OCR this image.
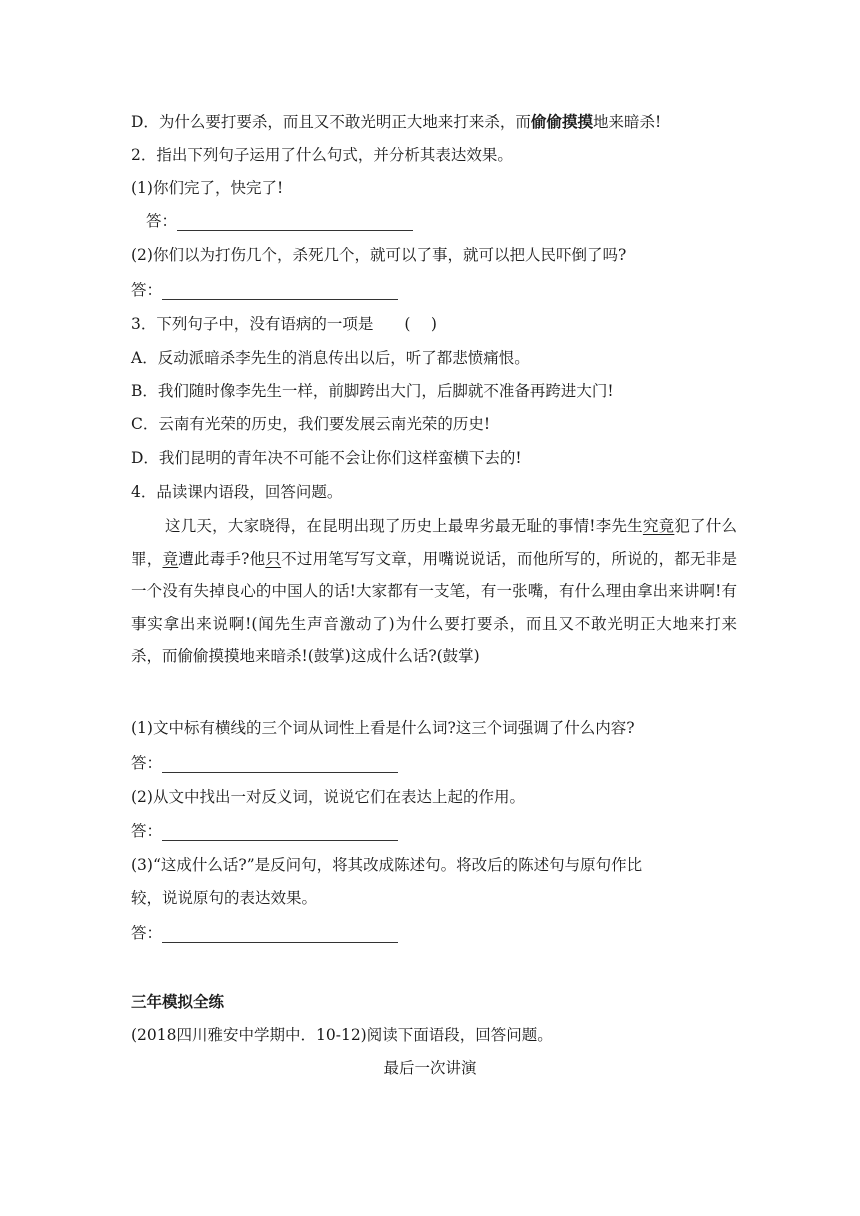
D．为什么要打要杀，而且又不敢光明正大地来打来杀，而偷偷摸摸地来暗杀!
2．指出下列句子运用了什么句式，并分析其表达效果。
(1)你们完了，快完了!
答：
(2)你们以为打伤几个，杀死几个，就可以了事，就可以把人民吓倒了吗?
答：
3．下列句子中，没有语病的一项是　　(　 )
A．反动派暗杀李先生的消息传出以后，听了都悲愤痛恨。
B．我们随时像李先生一样，前脚跨出大门，后脚就不准备再跨进大门!
C．云南有光荣的历史，我们要发展云南光荣的历史!
D．我们昆明的青年决不可能不会让你们这样蛮横下去的!
4．品读课内语段，回答问题。
这几天，大家晓得，在昆明出现了历史上最卑劣最无耻的事情!李先生究竟犯了什么罪，竟遭此毒手?他只不过用笔写写文章，用嘴说说话，而他所写的，所说的，都无非是一个没有失掉良心的中国人的话!大家都有一支笔，有一张嘴，有什么理由拿出来讲啊!有事实拿出来说啊!(闻先生声音激动了)为什么要打要杀，而且又不敢光明正大地来打来杀，而偷偷摸摸地来暗杀!(鼓掌)这成什么话?(鼓掌)
(1)文中标有横线的三个词从词性上看是什么词?这三个词强调了什么内容?
答：
(2)从文中找出一对反义词，说说它们在表达上起的作用。
答：
(3)“这成什么话?”是反问句，将其改成陈述句。将改后的陈述句与原句作比
较，说说原句的表达效果。
答：
三年模拟全练
(2018四川雅安中学期中．10-12)阅读下面语段，回答问题。
最后一次讲演
